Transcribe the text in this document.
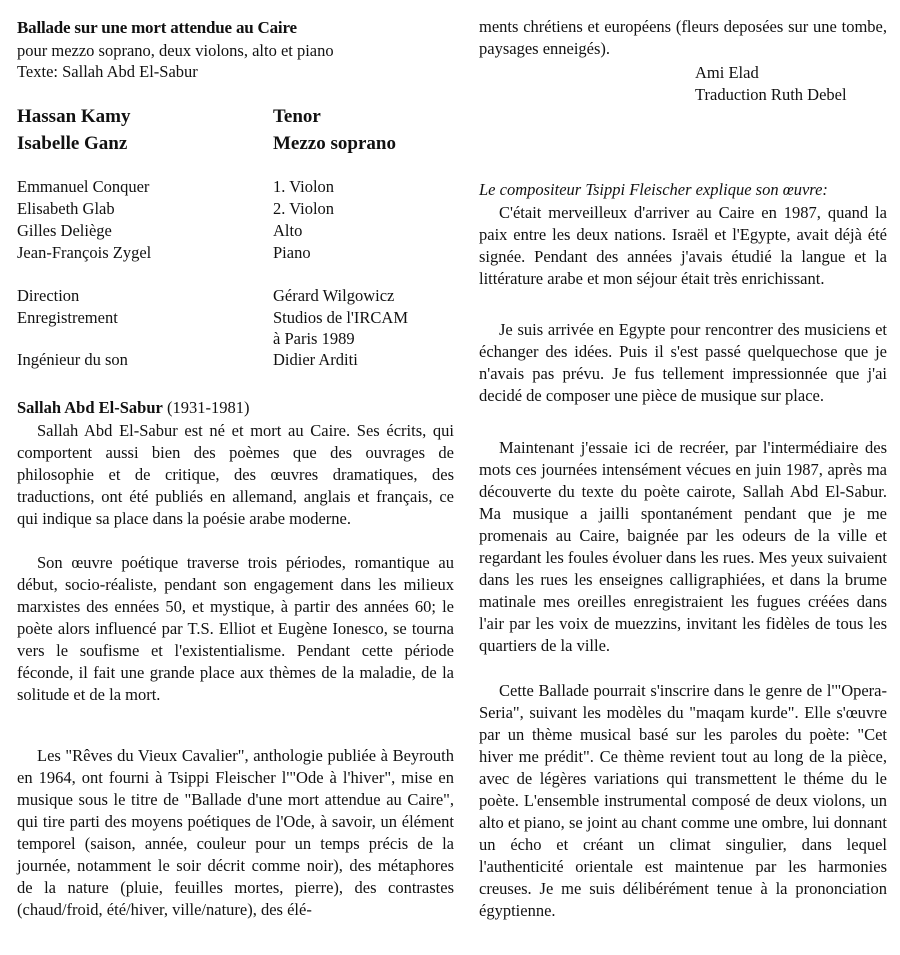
Ballade sur une mort attendue au Caire
pour mezzo soprano, deux violons, alto et piano
Texte: Sallah Abd El-Sabur
Hassan Kamy	Tenor
Isabelle Ganz	Mezzo soprano
Emmanuel Conquer	1. Violon
Elisabeth Glab	2. Violon
Gilles Deliège	Alto
Jean-François Zygel	Piano
Direction	Gérard Wilgowicz
Enregistrement	Studios de l'IRCAM
à Paris 1989
Ingénieur du son	Didier Arditi
Sallah Abd El-Sabur (1931-1981)

Sallah Abd El-Sabur est né et mort au Caire. Ses écrits, qui comportent aussi bien des poèmes que des ouvrages de philosophie et de critique, des œuvres dramatiques, des traductions, ont été publiés en allemand, anglais et français, ce qui indique sa place dans la poésie arabe moderne.

Son œuvre poétique traverse trois périodes, romantique au début, socio-réaliste, pendant son engagement dans les milieux marxistes des ennées 50, et mystique, à partir des années 60; le poète alors influencé par T.S. Elliot et Eugène Ionesco, se tourna vers le soufisme et l'existentialisme. Pendant cette période féconde, il fait une grande place aux thèmes de la maladie, de la solitude et de la mort.

Les "Rêves du Vieux Cavalier", anthologie publiée à Beyrouth en 1964, ont fourni à Tsippi Fleischer l'"Ode à l'hiver", mise en musique sous le titre de "Ballade d'une mort attendue au Caire", qui tire parti des moyens poétiques de l'Ode, à savoir, un élément temporel (saison, année, couleur pour un temps précis de la journée, notamment le soir décrit comme noir), des métaphores de la nature (pluie, feuilles mortes, pierre), des contrastes (chaud/froid, été/hiver, ville/nature), des élé-

ments chrétiens et européens (fleurs deposées sur une tombe, paysages enneigés).

Ami Elad
Traduction Ruth Debel
Le compositeur Tsippi Fleischer explique son œuvre:

C'était merveilleux d'arriver au Caire en 1987, quand la paix entre les deux nations. Israël et l'Egypte, avait déjà été signée. Pendant des années j'avais étudié la langue et la littérature arabe et mon séjour était très enrichissant.

Je suis arrivée en Egypte pour rencontrer des musiciens et échanger des idées. Puis il s'est passé quelquechose que je n'avais pas prévu. Je fus tellement impressionnée que j'ai decidé de composer une pièce de musique sur place.

Maintenant j'essaie ici de recréer, par l'intermédiaire des mots ces journées intensément vécues en juin 1987, après ma découverte du texte du poète cairote, Sallah Abd El-Sabur. Ma musique a jailli spontanément pendant que je me promenais au Caire, baignée par les odeurs de la ville et regardant les foules évoluer dans les rues. Mes yeux suivaient dans les rues les enseignes calligraphiées, et dans la brume matinale mes oreilles enregistraient les fugues créées dans l'air par les voix de muezzins, invitant les fidèles de tous les quartiers de la ville.

Cette Ballade pourrait s'inscrire dans le genre de l'"Opera-Seria", suivant les modèles du "maqam kurde". Elle s'œuvre par un thème musical basé sur les paroles du poète: "Cet hiver me prédit". Ce thème revient tout au long de la pièce, avec de légères variations qui transmettent le théme du le poète. L'ensemble instrumental composé de deux violons, un alto et piano, se joint au chant comme une ombre, lui donnant un écho et créant un climat singulier, dans lequel l'authenticité orientale est maintenue par les harmonies creuses. Je me suis délibérément tenue à la prononciation égyptienne.
